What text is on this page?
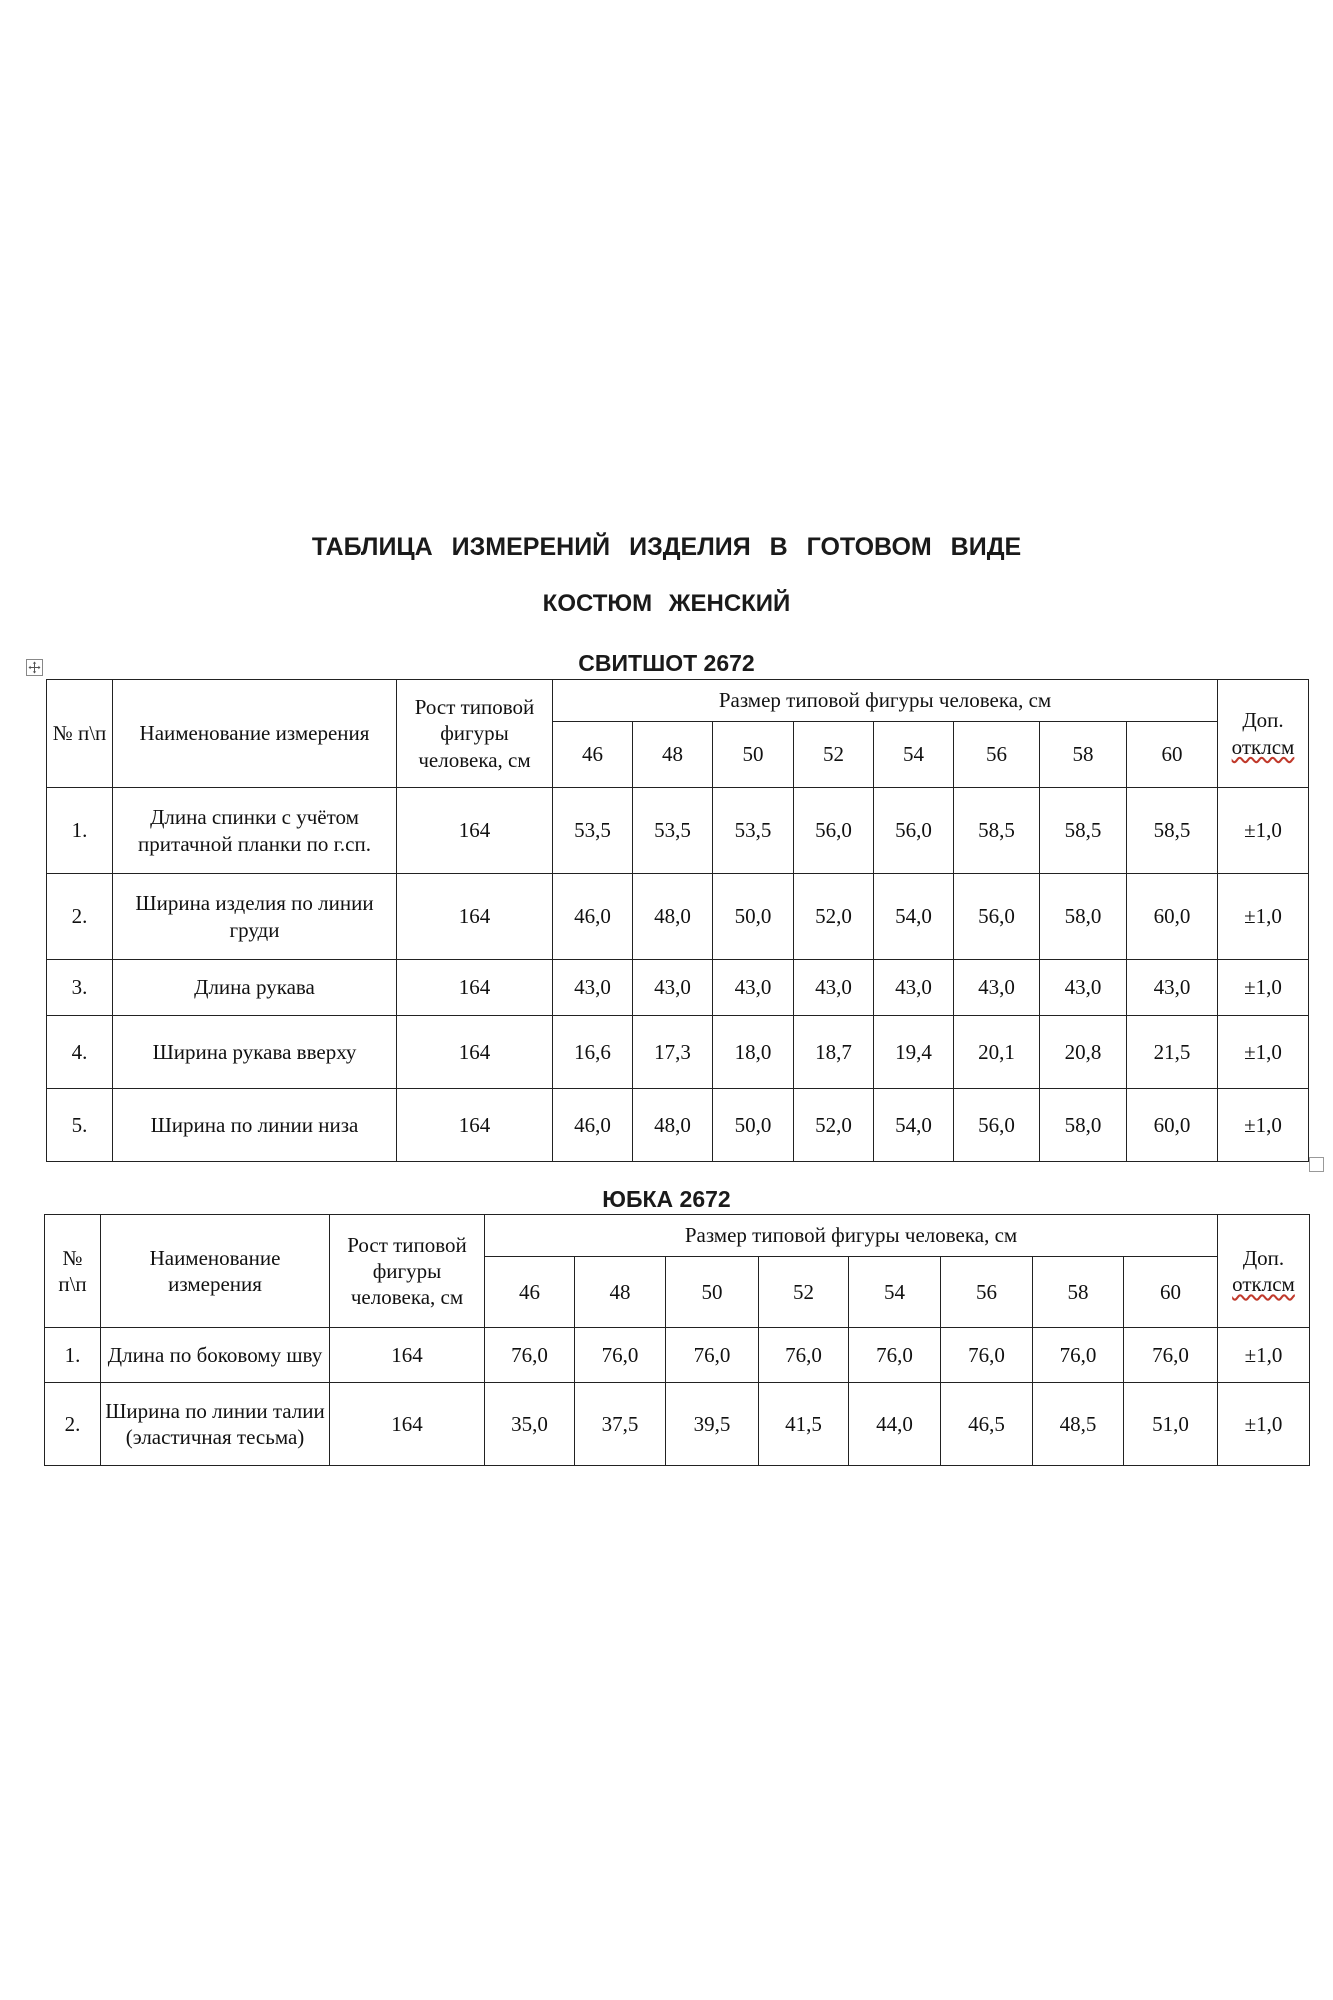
ТАБЛИЦА ИЗМЕРЕНИЙ ИЗДЕЛИЯ В ГОТОВОМ ВИДЕ
КОСТЮМ ЖЕНСКИЙ
СВИТШОТ 2672
№ п\п	Наименование измерения	Рост типовой фигуры человека, см	Размер типовой фигуры человека, см								Доп.
отклсм
			46	48	50	52	54	56	58	60	
1.	Длина спинки с учётом притачной планки по г.сп.	164	53,5	53,5	53,5	56,0	56,0	58,5	58,5	58,5	±1,0
2.	Ширина изделия по линии груди	164	46,0	48,0	50,0	52,0	54,0	56,0	58,0	60,0	±1,0
3.	Длина рукава	164	43,0	43,0	43,0	43,0	43,0	43,0	43,0	43,0	±1,0
4.	Ширина рукава вверху	164	16,6	17,3	18,0	18,7	19,4	20,1	20,8	21,5	±1,0
5.	Ширина по линии низа	164	46,0	48,0	50,0	52,0	54,0	56,0	58,0	60,0	±1,0
ЮБКА 2672
№ п\п	Наименование измерения	Рост типовой фигуры человека, см	Размер типовой фигуры человека, см								Доп.
отклсм
			46	48	50	52	54	56	58	60	
1.	Длина по боковому шву	164	76,0	76,0	76,0	76,0	76,0	76,0	76,0	76,0	±1,0
2.	Ширина по линии талии (эластичная тесьма)	164	35,0	37,5	39,5	41,5	44,0	46,5	48,5	51,0	±1,0
